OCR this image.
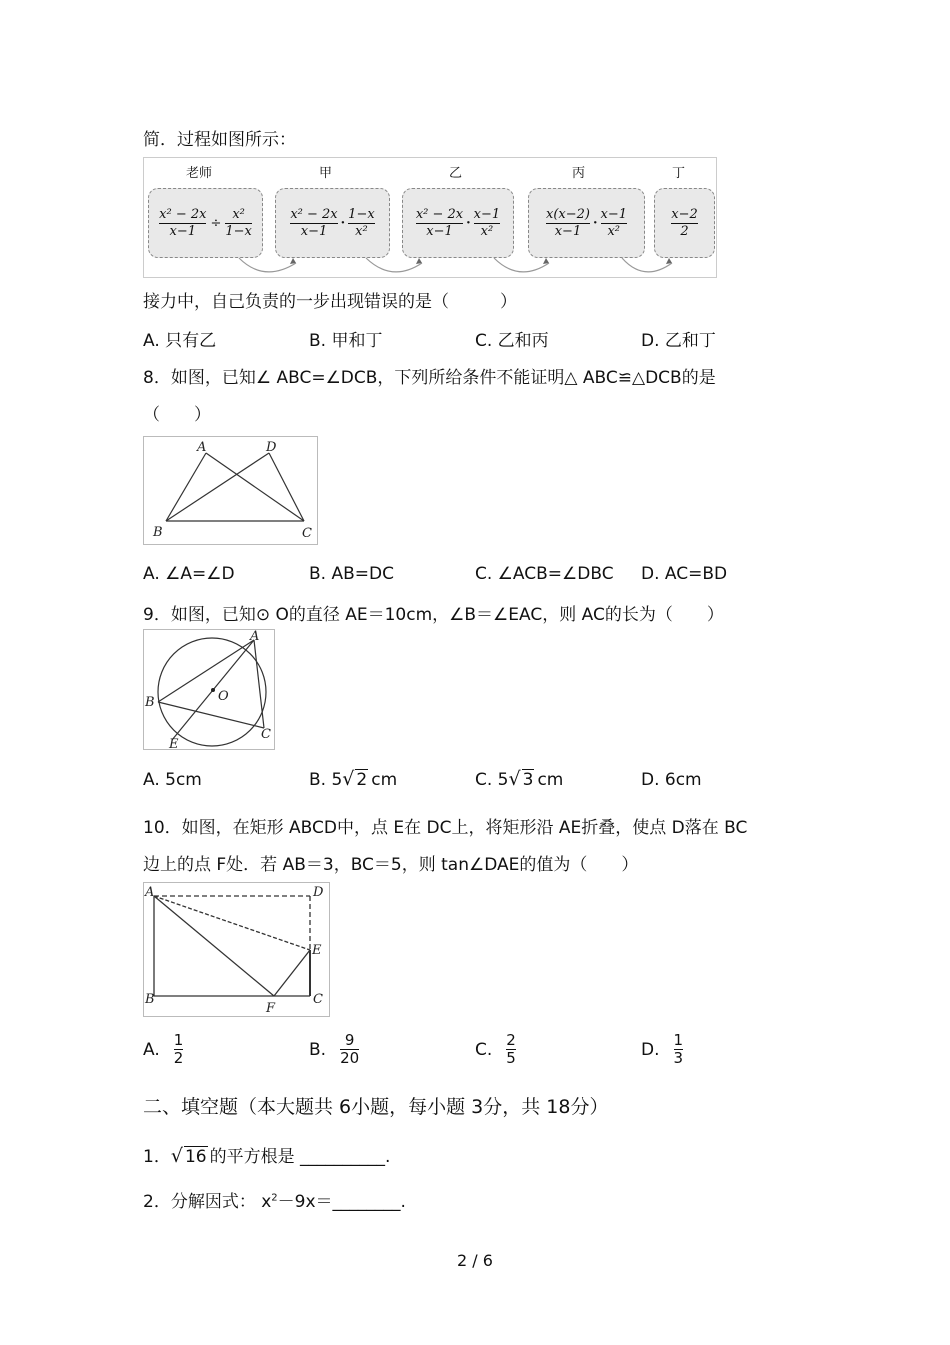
简．过程如图所示：
老师	甲	乙	丙	丁
x² − 2x
x−1
÷
x²
1−x
x² − 2x
x−1
·
1−x
x²
x² − 2x
x−1
·
x−1
x²
x(x−2)
x−1
·
x−1
x²
x−2
2
接力中，自己负责的一步出现错误的是（　　　）
A. 只有乙	B. 甲和丁	C. 乙和丙	D. 乙和丁
8．如图，已知∠ ABC=∠DCB，下列所给条件不能证明△ ABC≌△DCB的是
（　　）
A	D
B	C
A. ∠A=∠D	B. AB=DC	C. ∠ACB=∠DBC D. AC=BD
9．如图，已知⊙ O的直径 AE＝10cm，∠B＝∠EAC，则 AC的长为（　　）
A
B	O
C
E
A. 5cm	B. 5√ 2 cm	C. 5√ 3 cm	D. 6cm
10．如图，在矩形 ABCD中，点 E在 DC上，将矩形沿 AE折叠，使点 D落在 BC
边上的点 F处．若 AB＝3，BC＝5，则 tan∠DAE的值为（　　）
A	D
E
B
F
C
A. $\frac{1}{2}$	B. $\frac{9}{20}$	C. $\frac{2}{5}$	D. $\frac{1}{3}$
二、填空题（本大题共 6小题，每小题 3分，共 18分）
1．√ 16 的平方根是 __________.
2．分解因式： $x^2-9x=\_\_\_\_\_\_\_\_$.
2 / 6
